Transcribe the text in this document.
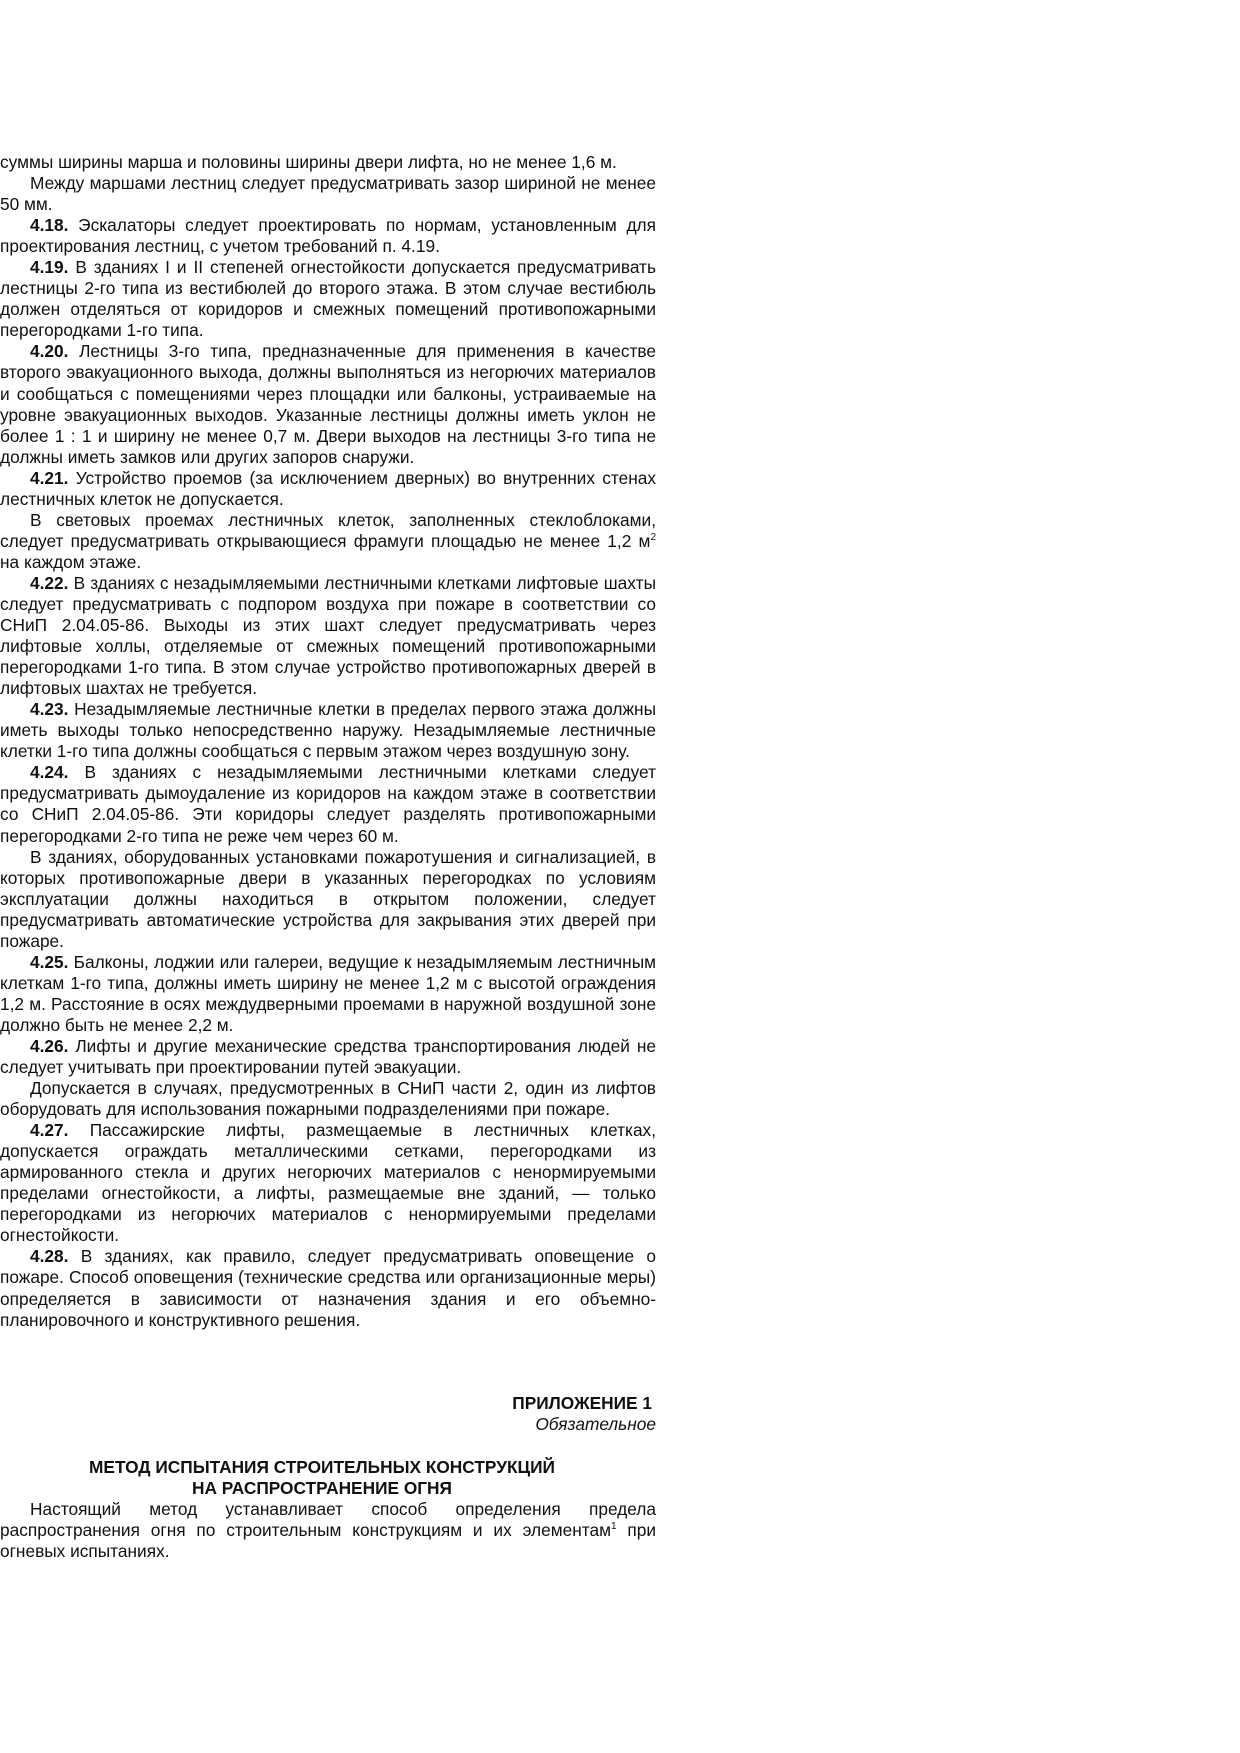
суммы ширины марша и половины ширины двери лифта, но не менее 1,6 м.

Между маршами лестниц следует предусматривать зазор шириной не менее 50 мм.

4.18. Эскалаторы следует проектировать по нормам, установленным для проектирования лестниц, с учетом требований п. 4.19.

4.19. В зданиях I и II степеней огнестойкости допускается предусматривать лестницы 2-го типа из вестибюлей до второго этажа. В этом случае вестибюль должен отделяться от коридоров и смежных помещений противопожарными перегородками 1-го типа.

4.20. Лестницы 3-го типа, предназначенные для применения в качестве второго эвакуационного выхода, должны выполняться из негорючих материалов и сообщаться с помещениями через площадки или балконы, устраиваемые на уровне эвакуационных выходов. Указанные лестницы должны иметь уклон не более 1 : 1 и ширину не менее 0,7 м. Двери выходов на лестницы 3-го типа не должны иметь замков или других запоров снаружи.

4.21. Устройство проемов (за исключением дверных) во внутренних стенах лестничных клеток не допускается.

В световых проемах лестничных клеток, заполненных стеклоблоками, следует предусматривать открывающиеся фрамуги площадью не менее 1,2 $м^2$ на каждом этаже.

4.22. В зданиях с незадымляемыми лестничными клетками лифтовые шахты следует предусматривать с подпором воздуха при пожаре в соответствии со СНиП 2.04.05-86. Выходы из этих шахт следует предусматривать через лифтовые холлы, отделяемые от смежных помещений противопожарными перегородками 1-го типа. В этом случае устройство противопожарных дверей в лифтовых шахтах не требуется.

4.23. Незадымляемые лестничные клетки в пределах первого этажа должны иметь выходы только непосредственно наружу. Незадымляемые лестничные клетки 1-го типа должны сообщаться с первым этажом через воздушную зону.

4.24. В зданиях с незадымляемыми лестничными клетками следует предусматривать дымоудаление из коридоров на каждом этаже в соответствии со СНиП 2.04.05-86. Эти коридоры следует разделять противопожарными перегородками 2-го типа не реже чем через 60 м.

В зданиях, оборудованных установками пожаротушения и сигнализацией, в которых противопожарные двери в указанных перегородках по условиям эксплуатации должны находиться в открытом положении, следует предусматривать автоматические устройства для закрывания этих дверей при пожаре.

4.25. Балконы, лоджии или галереи, ведущие к незадымляемым лестничным клеткам 1-го типа, должны иметь ширину не менее 1,2 м с высотой ограждения 1,2 м. Расстояние в осях междудверными проемами в наружной воздушной зоне должно быть не менее 2,2 м.

4.26. Лифты и другие механические средства транспортирования людей не следует учитывать при проектировании путей эвакуации.

Допускается в случаях, предусмотренных в СНиП части 2, один из лифтов оборудовать для использования пожарными подразделениями при пожаре.

4.27. Пассажирские лифты, размещаемые в лестничных клетках, допускается ограждать металлическими сетками, перегородками из армированного стекла и других негорючих материалов с ненормируемыми пределами огнестойкости, а лифты, размещаемые вне зданий, — только перегородками из негорючих материалов с ненормируемыми пределами огнестойкости.

4.28. В зданиях, как правило, следует предусматривать оповещение о пожаре. Способ оповещения (технические средства или организационные меры) определяется в зависимости от назначения здания и его объемно-планировочного и конструктивного решения.

ПРИЛОЖЕНИЕ 1
Обязательное
МЕТОД ИСПЫТАНИЯ СТРОИТЕЛЬНЫХ КОНСТРУКЦИЙ
НА РАСПРОСТРАНЕНИЕ ОГНЯ

Настоящий метод устанавливает способ определения предела распространения огня по строительным конструкциям и их элементам$^1$ при огневых испытаниях.
